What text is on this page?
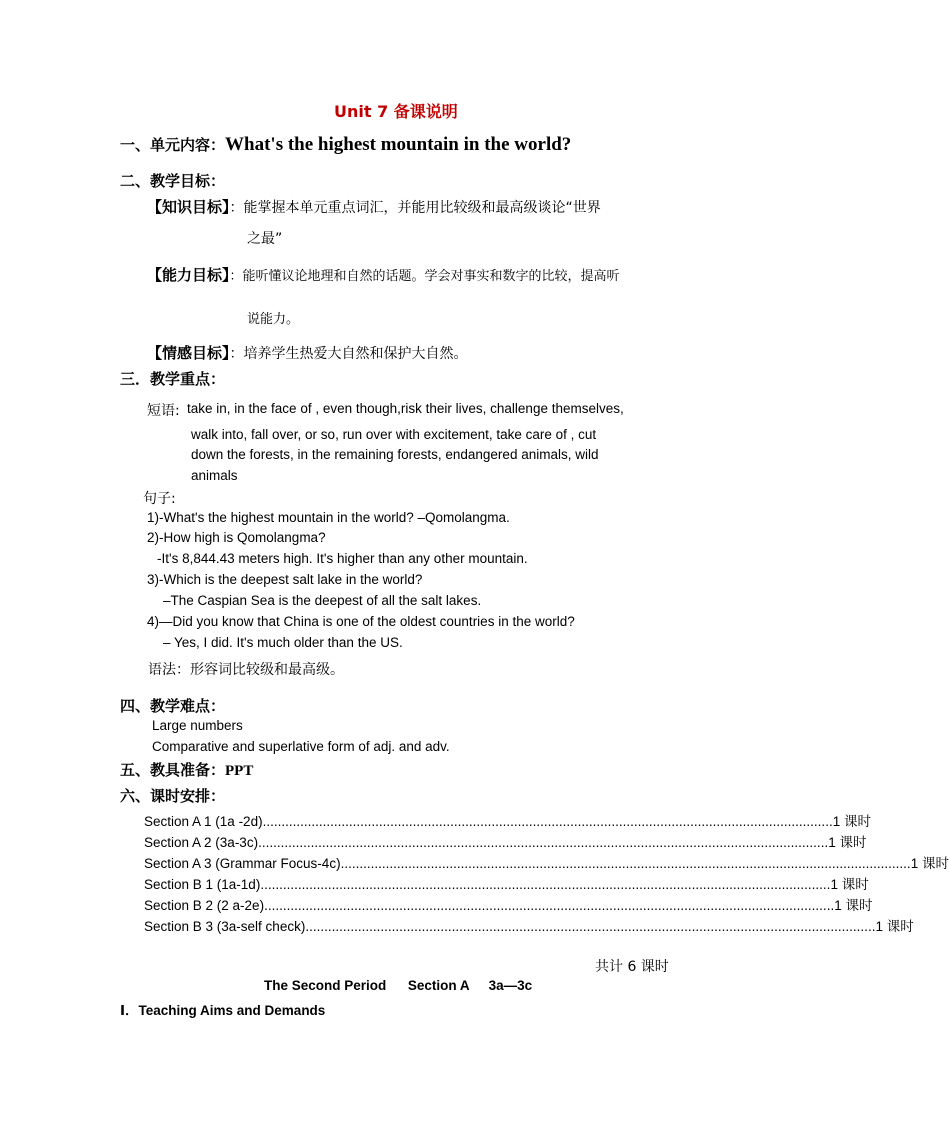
Unit 7 备课说明
一、单元内容：What's the highest mountain in the world?
二、教学目标：
【知识目标】：能掌握本单元重点词汇，并能用比较级和最高级谈论“世界
之最”
【能力目标】：能听懂议论地理和自然的话题。学会对事实和数字的比较，提高听
说能力。
【情感目标】：培养学生热爱大自然和保护大自然。
三．教学重点：
短语: take in, in the face of , even though,risk their lives, challenge themselves,
walk into, fall over, or so, run over with excitement, take care of , cut
down the forests, in the remaining forests, endangered animals, wild
animals
句子:
1)-What's the highest mountain in the world? –Qomolangma.
2)-How high is Qomolangma?
-It's 8,844.43 meters high. It's higher than any other mountain.
3)-Which is the deepest salt lake in the world?
–The Caspian Sea is the deepest of all the salt lakes.
4)—Did you know that China is one of the oldest countries in the world?
– Yes, I did. It's much older than the US.
语法：形容词比较级和最高级。
四、教学难点：
Large numbers
Comparative and superlative form of adj. and adv.
五、教具准备：PPT
六、课时安排：
Section A 1 (1a -2d) ........................................................................................................................................................ 1 课时
Section A 2 (3a-3c) ........................................................................................................................................................ 1 课时
Section A 3 (Grammar Focus-4c) ........................................................................................................................................................ 1 课时
Section B 1 (1a-1d) ........................................................................................................................................................ 1 课时
Section B 2 (2 a-2e) ........................................................................................................................................................ 1 课时
Section B 3 (3a-self check) ........................................................................................................................................................ 1 课时
共计 6 课时
The Second Period Section A 3a—3c
Ⅰ．Teaching Aims and Demands
